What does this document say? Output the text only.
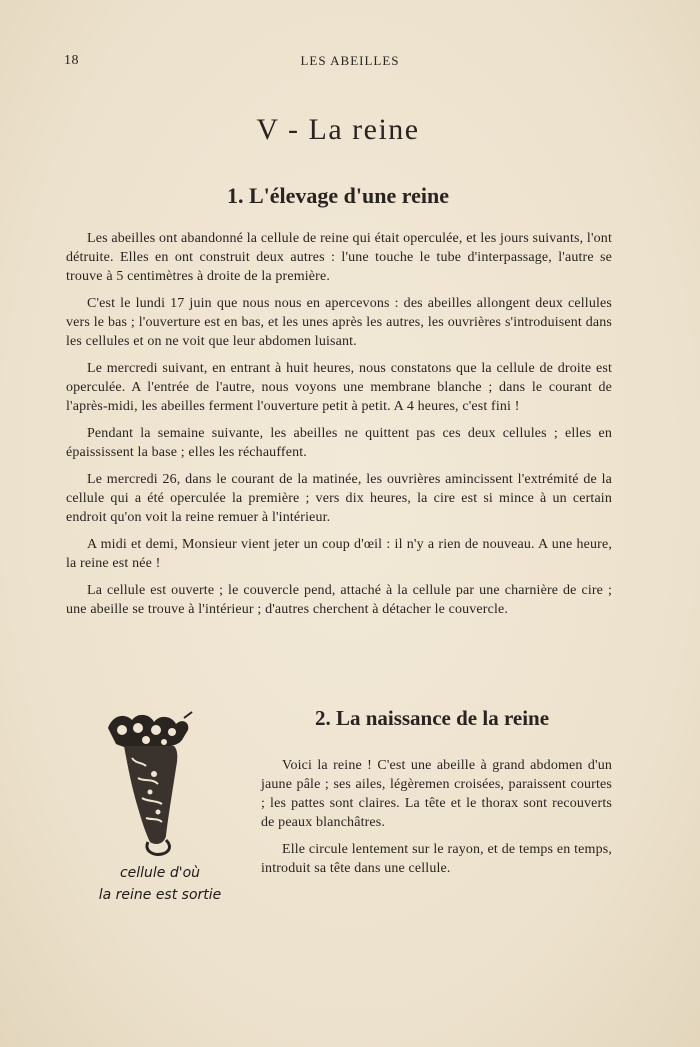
18	LES ABEILLES
V - La reine
1. L'élevage d'une reine

Les abeilles ont abandonné la cellule de reine qui était operculée, et les jours suivants, l'ont détruite. Elles en ont construit deux autres : l'une touche le tube d'interpassage, l'autre se trouve à 5 centimètres à droite de la première.

C'est le lundi 17 juin que nous nous en apercevons : des abeilles allongent deux cellules vers le bas ; l'ouverture est en bas, et les unes après les autres, les ouvrières s'introduisent dans les cellules et on ne voit que leur abdomen luisant.

Le mercredi suivant, en entrant à huit heures, nous constatons que la cellule de droite est operculée. A l'entrée de l'autre, nous voyons une membrane blanche ; dans le courant de l'après-midi, les abeilles ferment l'ouverture petit à petit. A 4 heures, c'est fini !

Pendant la semaine suivante, les abeilles ne quittent pas ces deux cellules ; elles en épaississent la base ; elles les réchauffent.

Le mercredi 26, dans le courant de la matinée, les ouvrières amincissent l'extrémité de la cellule qui a été operculée la première ; vers dix heures, la cire est si mince à un certain endroit qu'on voit la reine remuer à l'intérieur.

A midi et demi, Monsieur vient jeter un coup d'œil : il n'y a rien de nouveau. A une heure, la reine est née !

La cellule est ouverte ; le couvercle pend, attaché à la cellule par une charnière de cire ; une abeille se trouve à l'intérieur ; d'autres cherchent à détacher le couvercle.

2. La naissance de la reine

Voici la reine ! C'est une abeille à grand abdomen d'un jaune pâle ; ses ailes, légèremen croisées, paraissent courtes ; les pattes sont claires. La tête et le thorax sont recouverts de peaux blanchâtres.

Elle circule lentement sur le rayon, et de temps en temps, introduit sa tête dans une cellule.

cellule d'où
la reine est sortie
